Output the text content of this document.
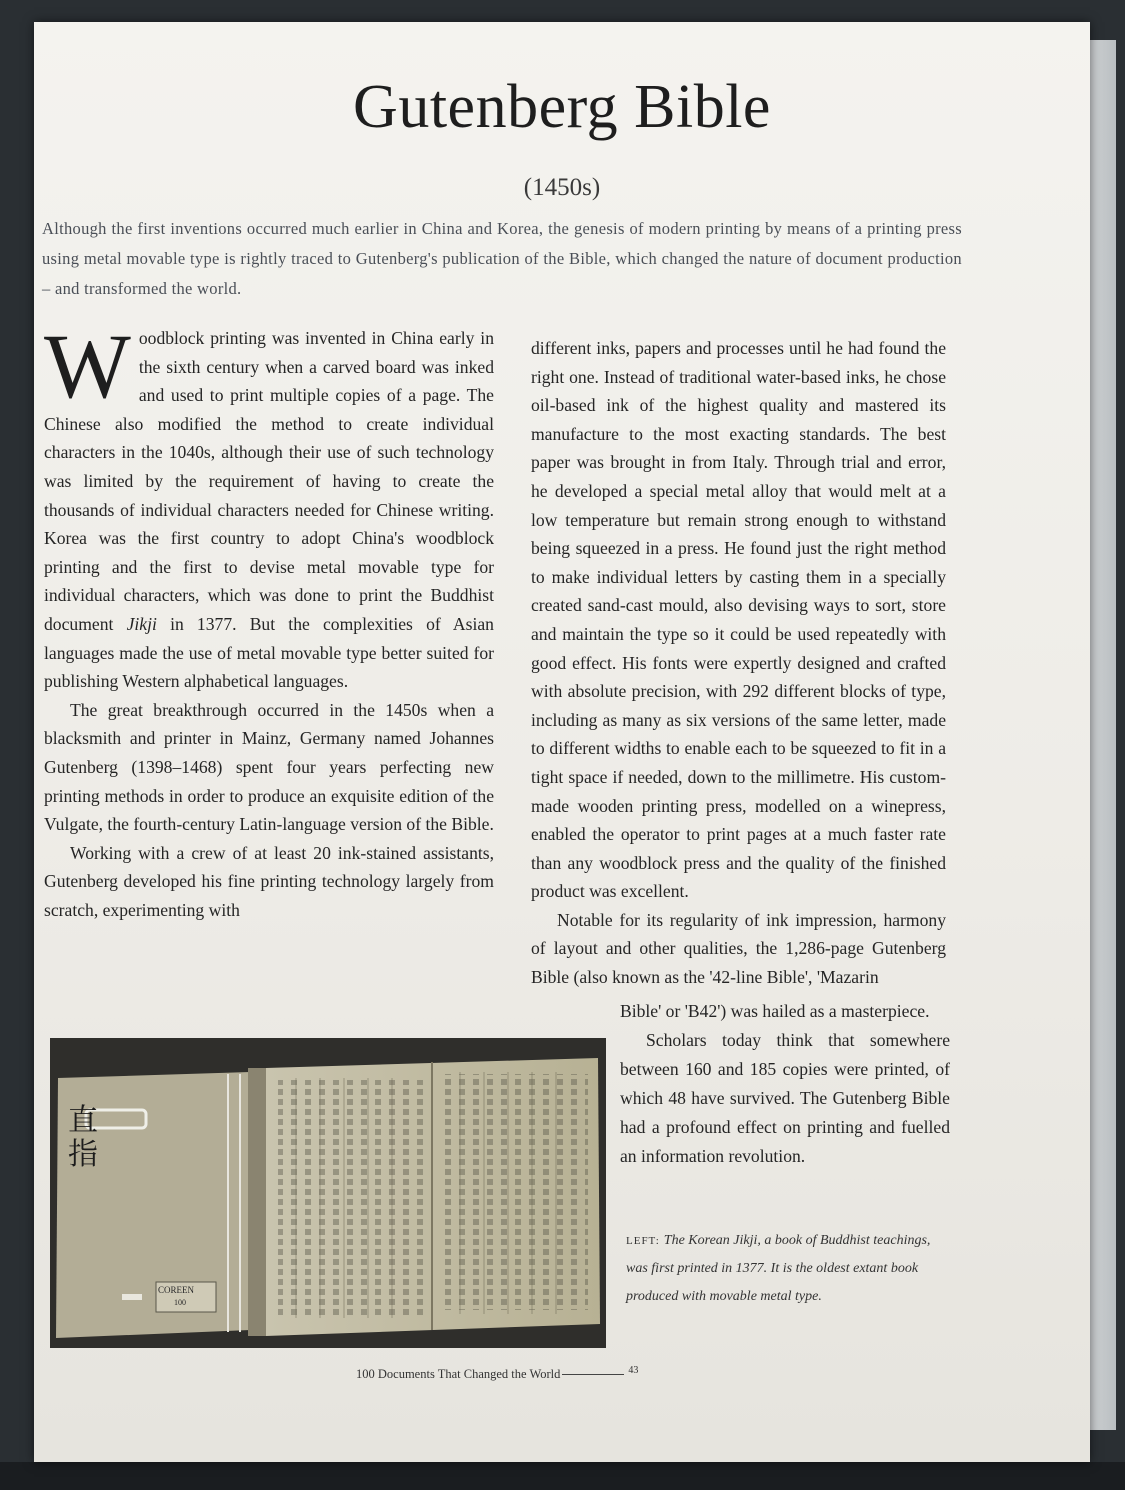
Gutenberg Bible
(1450s)

Although the first inventions occurred much earlier in China and Korea, the genesis of modern printing by means of a printing press using metal movable type is rightly traced to Gutenberg's publication of the Bible, which changed the nature of document production – and transformed the world.

Woodblock printing was invented in China early in the sixth century when a carved board was inked and used to print multiple copies of a page. The Chinese also modified the method to create individual characters in the 1040s, although their use of such technology was limited by the requirement of having to create the thousands of individual characters needed for Chinese writing. Korea was the first country to adopt China's woodblock printing and the first to devise metal movable type for individual characters, which was done to print the Buddhist document Jikji in 1377. But the complexities of Asian languages made the use of metal movable type better suited for publishing Western alphabetical languages.

The great breakthrough occurred in the 1450s when a blacksmith and printer in Mainz, Germany named Johannes Gutenberg (1398–1468) spent four years perfecting new printing methods in order to produce an exquisite edition of the Vulgate, the fourth-century Latin-language version of the Bible.

Working with a crew of at least 20 ink-stained assistants, Gutenberg developed his fine printing technology largely from scratch, experimenting with

different inks, papers and processes until he had found the right one. Instead of traditional water-based inks, he chose oil-based ink of the highest quality and mastered its manufacture to the most exacting standards. The best paper was brought in from Italy. Through trial and error, he developed a special metal alloy that would melt at a low temperature but remain strong enough to withstand being squeezed in a press. He found just the right method to make individual letters by casting them in a specially created sand-cast mould, also devising ways to sort, store and maintain the type so it could be used repeatedly with good effect. His fonts were expertly designed and crafted with absolute precision, with 292 different blocks of type, including as many as six versions of the same letter, made to different widths to enable each to be squeezed to fit in a tight space if needed, down to the millimetre. His custom-made wooden printing press, modelled on a winepress, enabled the operator to print pages at a much faster rate than any woodblock press and the quality of the finished product was excellent.

Notable for its regularity of ink impression, harmony of layout and other qualities, the 1,286-page Gutenberg Bible (also known as the '42-line Bible', 'Mazarin

Bible' or 'B42') was hailed as a masterpiece.

Scholars today think that somewhere between 160 and 185 copies were printed, of which 48 have survived. The Gutenberg Bible had a profound effect on printing and fuelled an information revolution.

直指
COREEN
100

LEFT: The Korean Jikji, a book of Buddhist teachings, was first printed in 1377. It is the oldest extant book produced with movable metal type.

100 Documents That Changed the World	$^{43}$
